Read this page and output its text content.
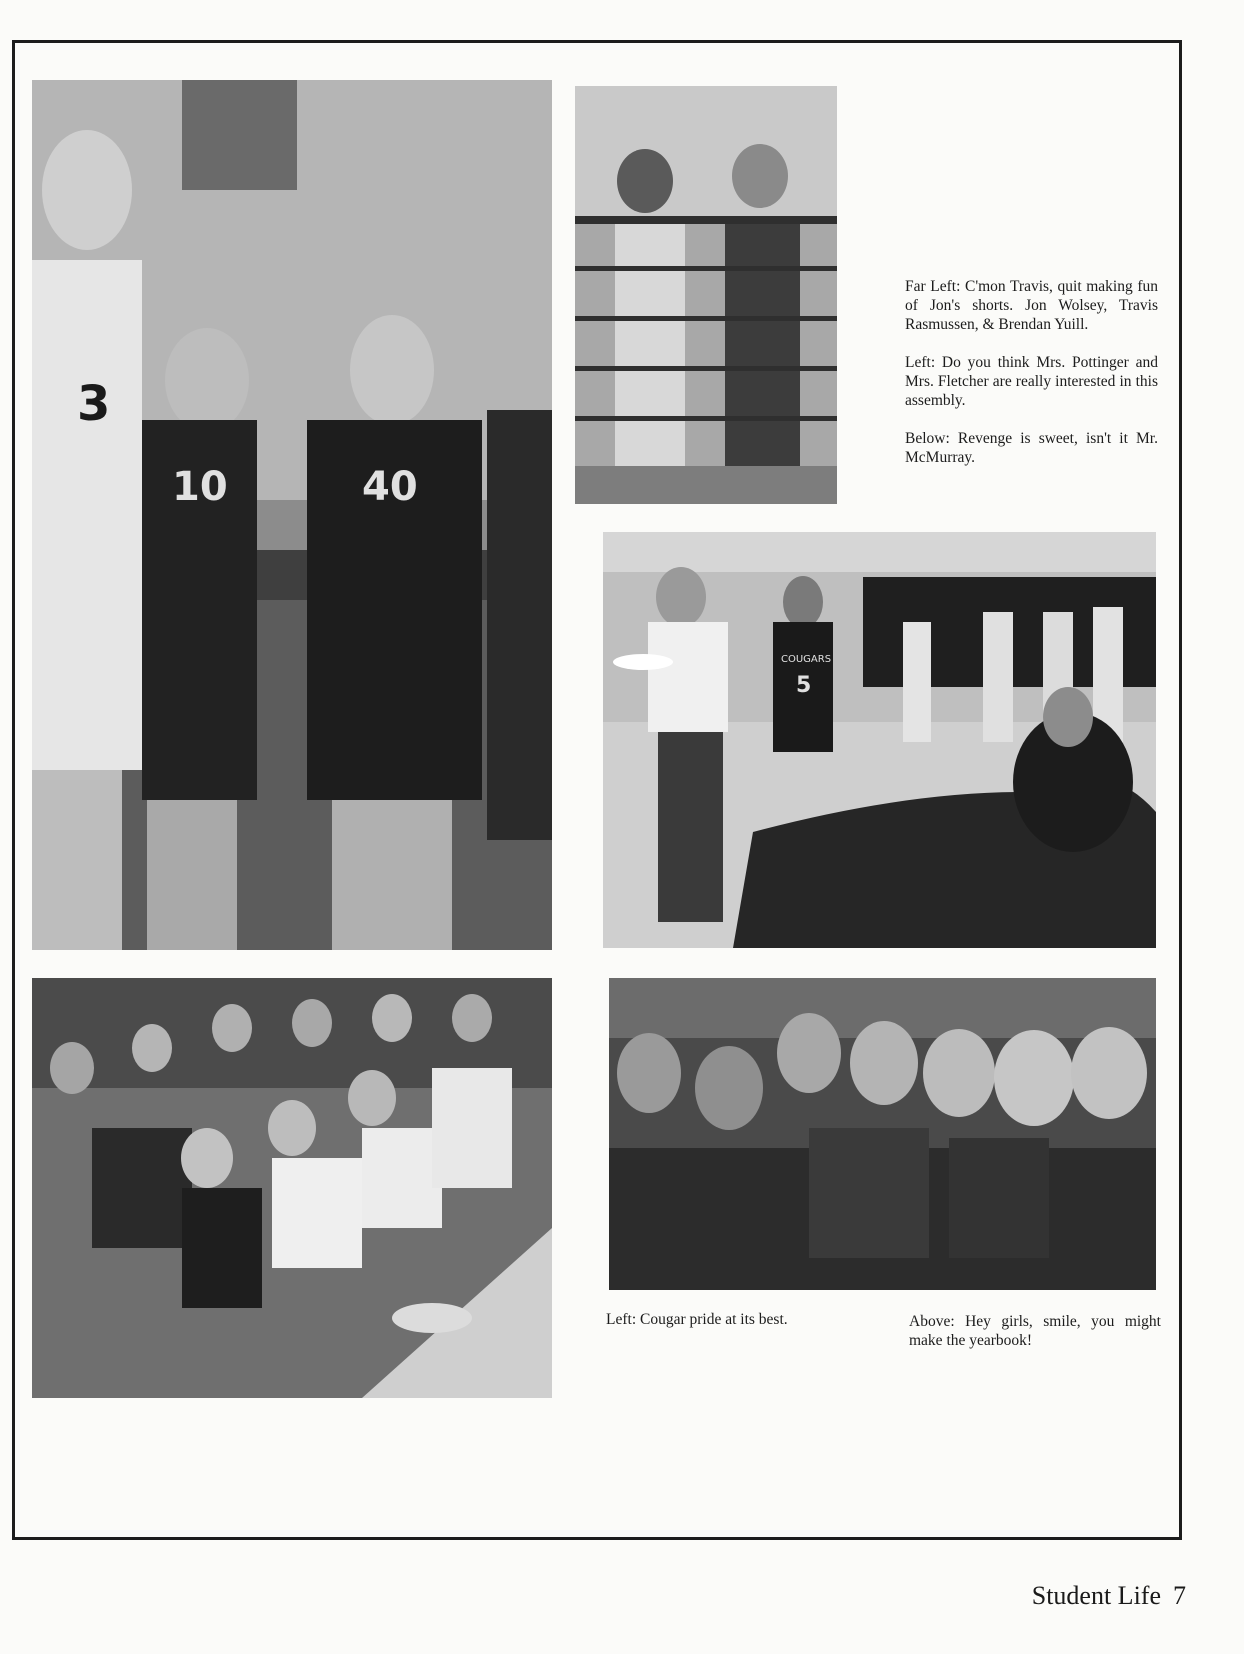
3
10	40

Far Left: C'mon Travis, quit making fun of Jon's shorts. Jon Wolsey, Travis Rasmussen, & Brendan Yuill.

Left: Do you think Mrs. Pottinger and Mrs. Fletcher are really interested in this assembly.

Below: Revenge is sweet, isn't it Mr. McMurray.

COUGARS
5
Left: Cougar pride at its best.	Above: Hey girls, smile, you might make the yearbook!
Student Life 7
